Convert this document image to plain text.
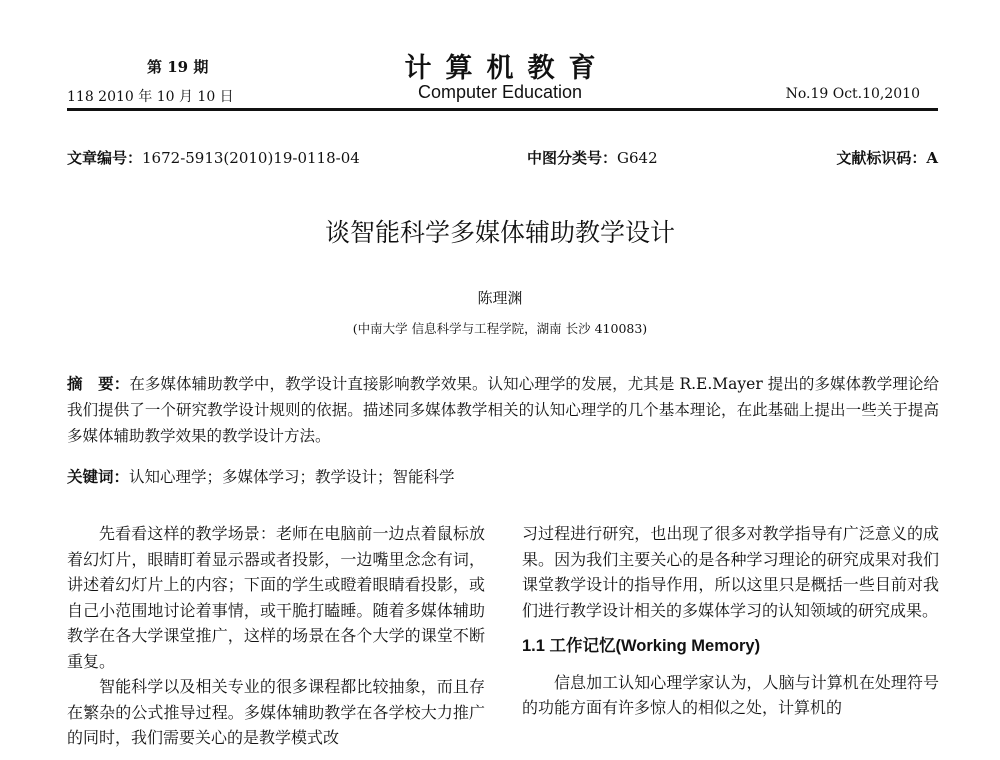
第 19 期
118 2010 年 10 月 10 日
计算机教育
Computer Education	No.19 Oct.10,2010
文章编号：1672-5913(2010)19-0118-04	中图分类号：G642	文献标识码：A
谈智能科学多媒体辅助教学设计
陈理渊
(中南大学 信息科学与工程学院，湖南 长沙 410083)
摘　要：在多媒体辅助教学中，教学设计直接影响教学效果。认知心理学的发展，尤其是 R.E.Mayer 提出的多媒体教学理论给我们提供了一个研究教学设计规则的依据。描述同多媒体教学相关的认知心理学的几个基本理论，在此基础上提出一些关于提高多媒体辅助教学效果的教学设计方法。
关键词：认知心理学；多媒体学习；教学设计；智能科学

先看看这样的教学场景：老师在电脑前一边点着鼠标放着幻灯片，眼睛盯着显示器或者投影，一边嘴里念念有词，讲述着幻灯片上的内容；下面的学生或瞪着眼睛看投影，或自己小范围地讨论着事情，或干脆打瞌睡。随着多媒体辅助教学在各大学课堂推广，这样的场景在各个大学的课堂不断重复。

智能科学以及相关专业的很多课程都比较抽象，而且存在繁杂的公式推导过程。多媒体辅助教学在各学校大力推广的同时，我们需要关心的是教学模式改

习过程进行研究，也出现了很多对教学指导有广泛意义的成果。因为我们主要关心的是各种学习理论的研究成果对我们课堂教学设计的指导作用，所以这里只是概括一些目前对我们进行教学设计相关的多媒体学习的认知领域的研究成果。

1.1 工作记忆(Working Memory)

信息加工认知心理学家认为，人脑与计算机在处理符号的功能方面有许多惊人的相似之处，计算机的
